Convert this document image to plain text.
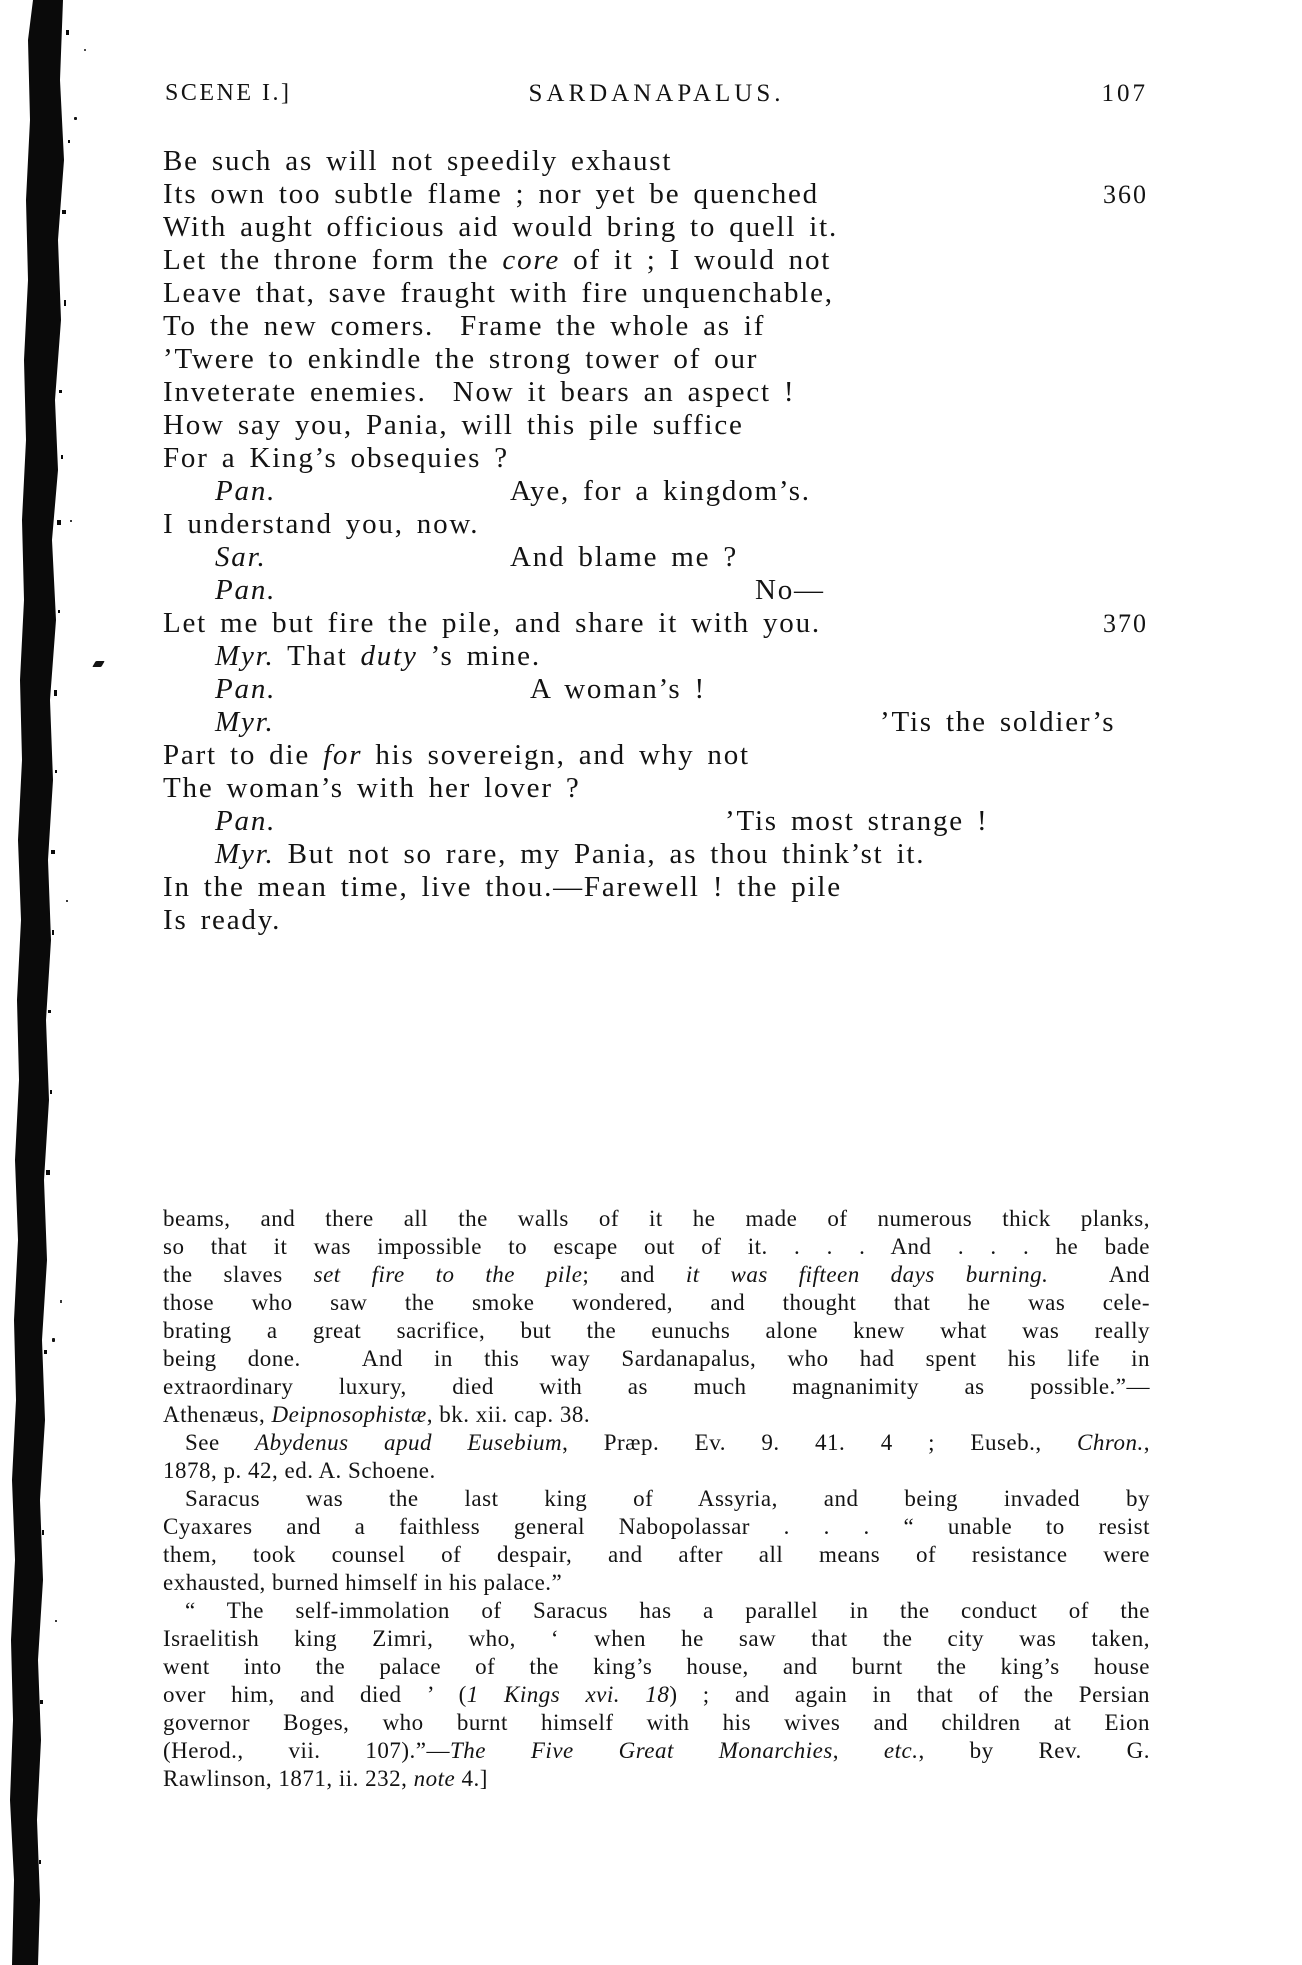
SCENE I.]	SARDANAPALUS.	107
Be such as will not speedily exhaust
Its own too subtle flame ; nor yet be quenched	360
With aught officious aid would bring to quell it.
Let the throne form the core of it ; I would not
Leave that, save fraught with fire unquenchable,
To the new comers.  Frame the whole as if
’Twere to enkindle the strong tower of our
Inveterate enemies.  Now it bears an aspect !
How say you, Pania, will this pile suffice
For a King’s obsequies ?
Pan.	Aye, for a kingdom’s.
I understand you, now.
Sar.	And blame me ?
Pan.	No—
Let me but fire the pile, and share it with you.	370
Myr. That duty ’s mine.
Pan.	A woman’s !
Myr.	’Tis the soldier’s
Part to die for his sovereign, and why not
The woman’s with her lover ?
Pan.	’Tis most strange !
Myr. But not so rare, my Pania, as thou think’st it.
In the mean time, live thou.—Farewell ! the pile
Is ready.
beams, and there all the walls of it he made of numerous thick planks,
so that it was impossible to escape out of it. . . . And . . . he bade
the slaves set fire to the pile; and it was fifteen days burning.  And
those who saw the smoke wondered, and thought that he was cele-
brating a great sacrifice, but the eunuchs alone knew what was really
being done.  And in this way Sardanapalus, who had spent his life in
extraordinary luxury, died with as much magnanimity as possible.”—
Athenæus, Deipnosophistæ, bk. xii. cap. 38.
See Abydenus apud Eusebium, Præp. Ev. 9. 41. 4 ; Euseb., Chron.,
1878, p. 42, ed. A. Schoene.
Saracus was the last king of Assyria, and being invaded by
Cyaxares and a faithless general Nabopolassar . . . “ unable to resist
them, took counsel of despair, and after all means of resistance were
exhausted, burned himself in his palace.”
“ The self-immolation of Saracus has a parallel in the conduct of the
Israelitish king Zimri, who, ‘ when he saw that the city was taken,
went into the palace of the king’s house, and burnt the king’s house
over him, and died ’ (1 Kings xvi. 18) ; and again in that of the Persian
governor Boges, who burnt himself with his wives and children at Eion
(Herod., vii. 107).”—The Five Great Monarchies, etc., by Rev. G.
Rawlinson, 1871, ii. 232, note 4.]
